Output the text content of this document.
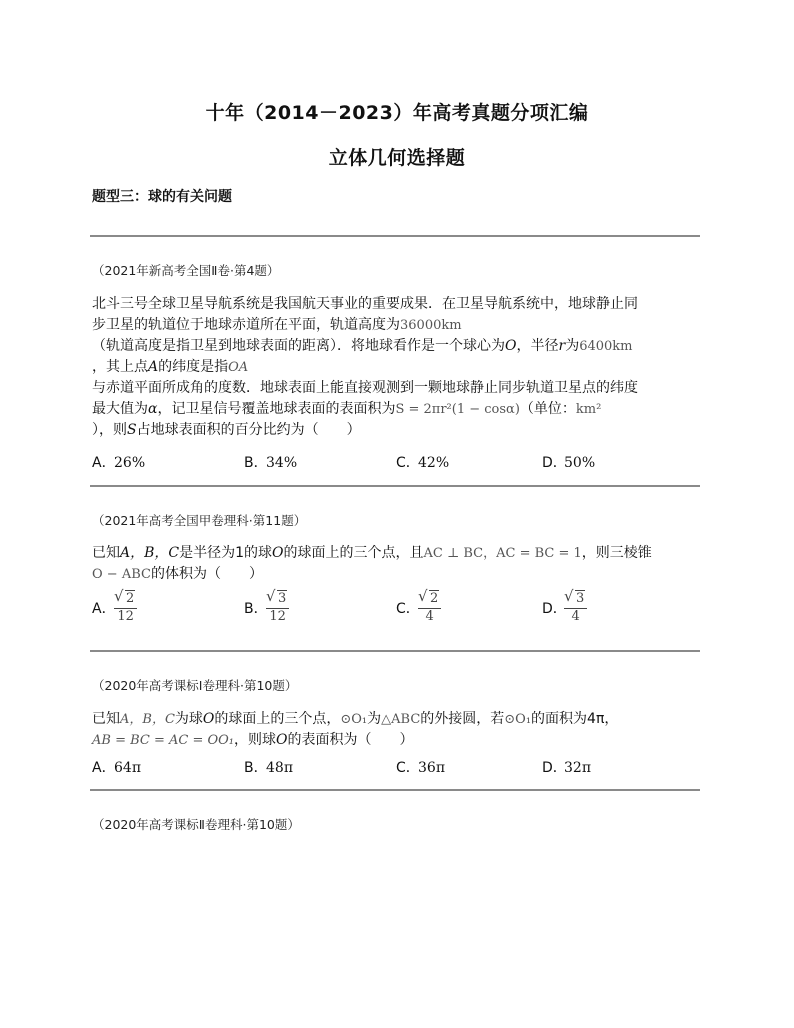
十年（2014－2023）年高考真题分项汇编
立体几何选择题
题型三：球的有关问题
（2021年新高考全国Ⅱ卷·第4题）
北斗三号全球卫星导航系统是我国航天事业的重要成果．在卫星导航系统中，地球静止同
步卫星的轨道位于地球赤道所在平面，轨道高度为36000km
（轨道高度是指卫星到地球表面的距离）．将地球看作是一个球心为O，半径r为6400km
，其上点A的纬度是指OA
与赤道平面所成角的度数．地球表面上能直接观测到一颗地球静止同步轨道卫星点的纬度
最大值为α，记卫星信号覆盖地球表面的表面积为S = 2πr²(1 − cosα)（单位：km²
），则S占地球表面积的百分比约为（　　）
A．26%	B．34%	C．42%	D．50%
（2021年高考全国甲卷理科·第11题）
已知A，B，C是半径为1的球O的球面上的三个点，且AC ⊥ BC，AC = BC = 1，则三棱锥
O − ABC的体积为（　　）
A．
√ $\frac{2}{12}$	B．
√ $\frac{3}{12}$	C．
√ $\frac{2}{4}$	D．
√ $\frac{3}{4}$
（2020年高考课标Ⅰ卷理科·第10题）
已知A，B，C为球O的球面上的三个点，⊙O₁为△ABC的外接圆，若⊙O₁的面积为4π，
AB = BC = AC = OO₁，则球O的表面积为（　　）
A．64π	B．48π	C．36π	D．32π
（2020年高考课标Ⅱ卷理科·第10题）
